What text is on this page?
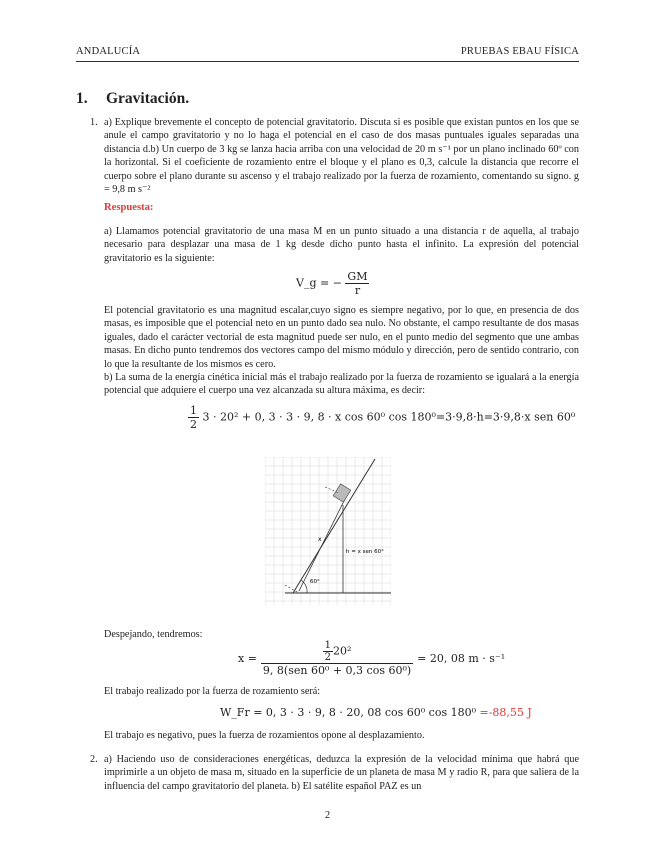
ANDALUCÍA	PRUEBAS EBAU FÍSICA
1. Gravitación.
1. a) Explique brevemente el concepto de potencial gravitatorio. Discuta si es posible que existan puntos en los que se anule el campo gravitatorio y no lo haga el potencial en el caso de dos masas puntuales iguales separadas una distancia d.b) Un cuerpo de 3 kg se lanza hacia arriba con una velocidad de 20 m s⁻¹ por un plano inclinado 60º con la horizontal. Si el coeficiente de rozamiento entre el bloque y el plano es 0,3, calcule la distancia que recorre el cuerpo sobre el plano durante su ascenso y el trabajo realizado por la fuerza de rozamiento, comentando su signo. g = 9,8 m s⁻²
Respuesta:
a) Llamamos potencial gravitatorio de una masa M en un punto situado a una distancia r de aquella, al trabajo necesario para desplazar una masa de 1 kg desde dicho punto hasta el infinito. La expresión del potencial gravitatorio es la siguiente:
V_g = − $\frac{GM}{r}$
El potencial gravitatorio es una magnitud escalar,cuyo signo es siempre negativo, por lo que, en presencia de dos masas, es imposible que el potencial neto en un punto dado sea nulo. No obstante, el campo resultante de dos masas iguales, dado el carácter vectorial de esta magnitud puede ser nulo, en el punto medio del segmento que une ambas masas. En dicho punto tendremos dos vectores campo del mismo módulo y dirección, pero de sentido contrario, con lo que la resultante de los mismos es cero.
b) La suma de la energía cinética inicial más el trabajo realizado por la fuerza de rozamiento se igualará a la energía potencial que adquiere el cuerpo una vez alcanzada su altura máxima, es decir:
$\frac{1}{2} 3 \cdot 20^2 + 0$, 3 · 3 · 9, 8 · x cos 60⁰ cos 180⁰=3·9,8·h=3·9,8·x sen 60⁰
x
h = x sen 60°
60°
Despejando, tendremos:
$x = \frac{\frac{1}{2} 20^2}{\text{9, 8(sen 60⁰ + 0,3 cos 60⁰)}} = 20$, 08 m · s⁻¹
El trabajo realizado por la fuerza de rozamiento será:
W_Fr = 0, 3 · 3 · 9, 8 · 20, 08 cos 60⁰ cos 180⁰ =-88,55 J
El trabajo es negativo, pues la fuerza de rozamientos opone al desplazamiento.
2. a) Haciendo uso de consideraciones energéticas, deduzca la expresión de la velocidad mínima que habrá que imprimirle a un objeto de masa m, situado en la superficie de un planeta de masa M y radio R, para que saliera de la influencia del campo gravitatorio del planeta. b) El satélite español PAZ es un
2
